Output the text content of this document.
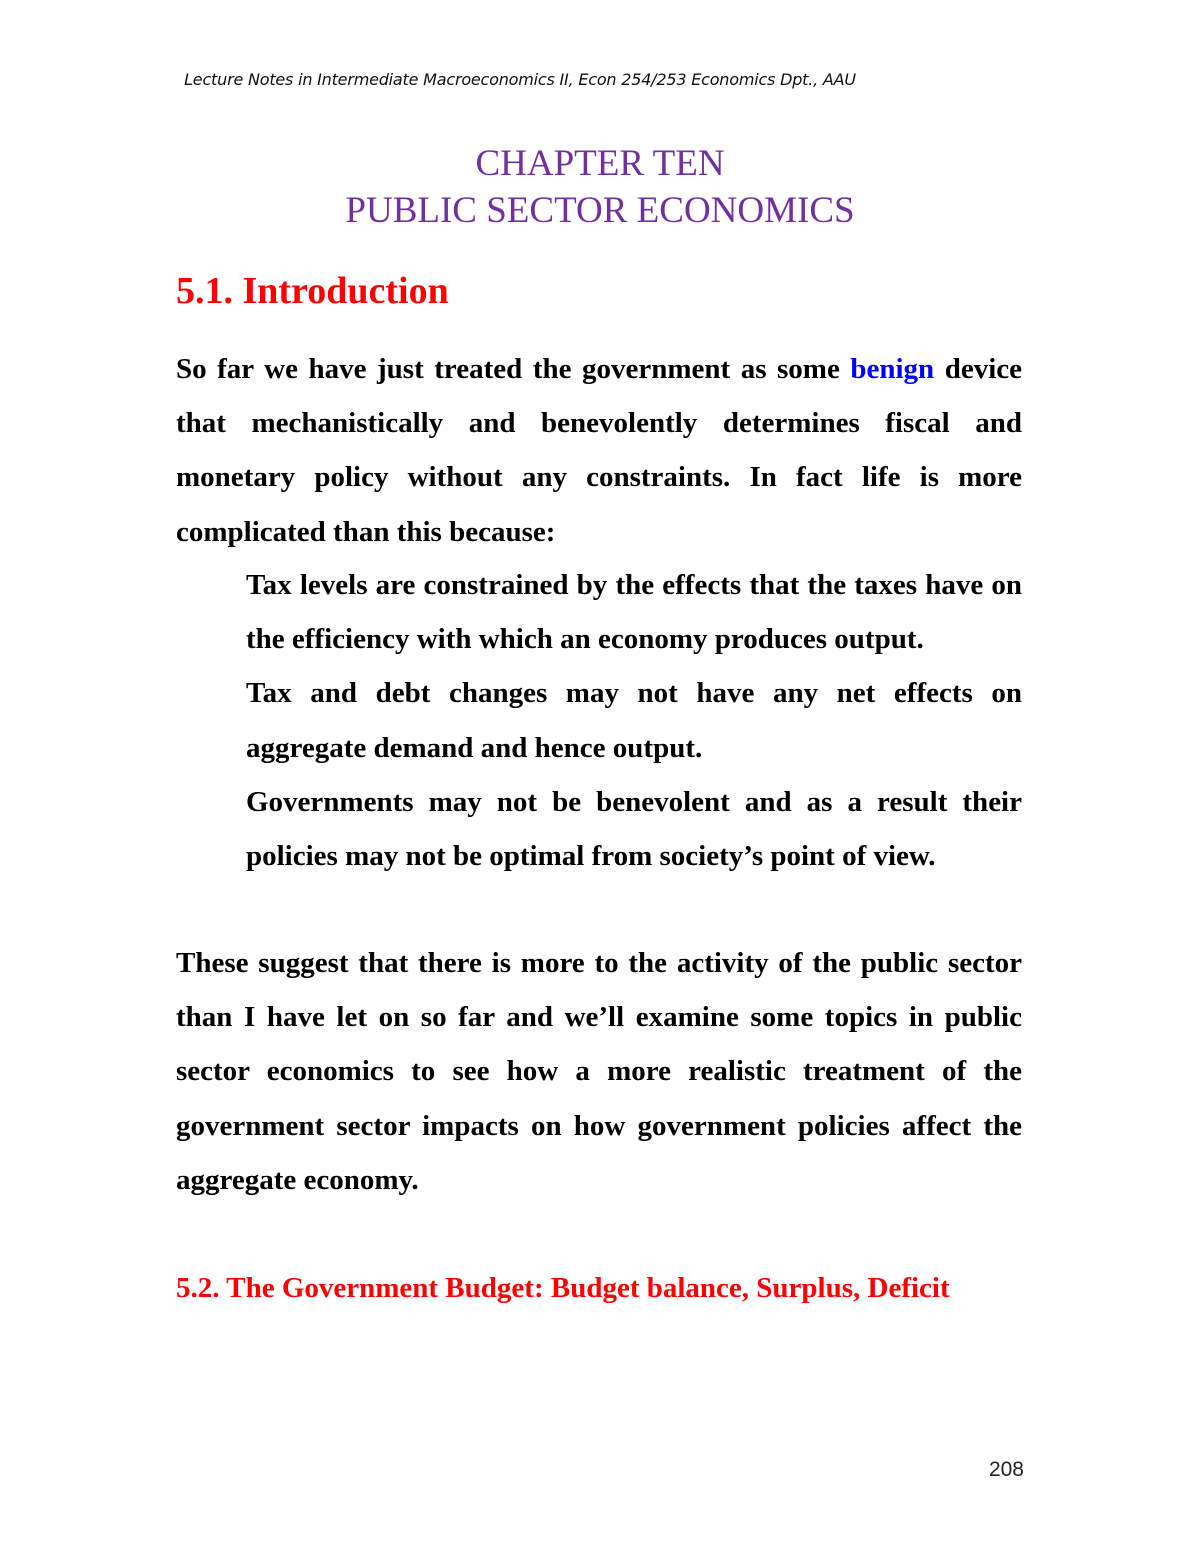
Lecture Notes in Intermediate Macroeconomics II, Econ 254/253 Economics Dpt., AAU
CHAPTER TEN
PUBLIC SECTOR ECONOMICS
5.1. Introduction

So far we have just treated the government as some benign device that mechanistically and benevolently determines fiscal and monetary policy without any constraints. In fact life is more complicated than this because:

Tax levels are constrained by the effects that the taxes have on the efficiency with which an economy produces output.
Tax and debt changes may not have any net effects on aggregate demand and hence output.
Governments may not be benevolent and as a result their policies may not be optimal from society’s point of view.

These suggest that there is more to the activity of the public sector than I have let on so far and we’ll examine some topics in public sector economics to see how a more realistic treatment of the government sector impacts on how government policies affect the aggregate economy.

5.2. The Government Budget: Budget balance, Surplus, Deficit
208
